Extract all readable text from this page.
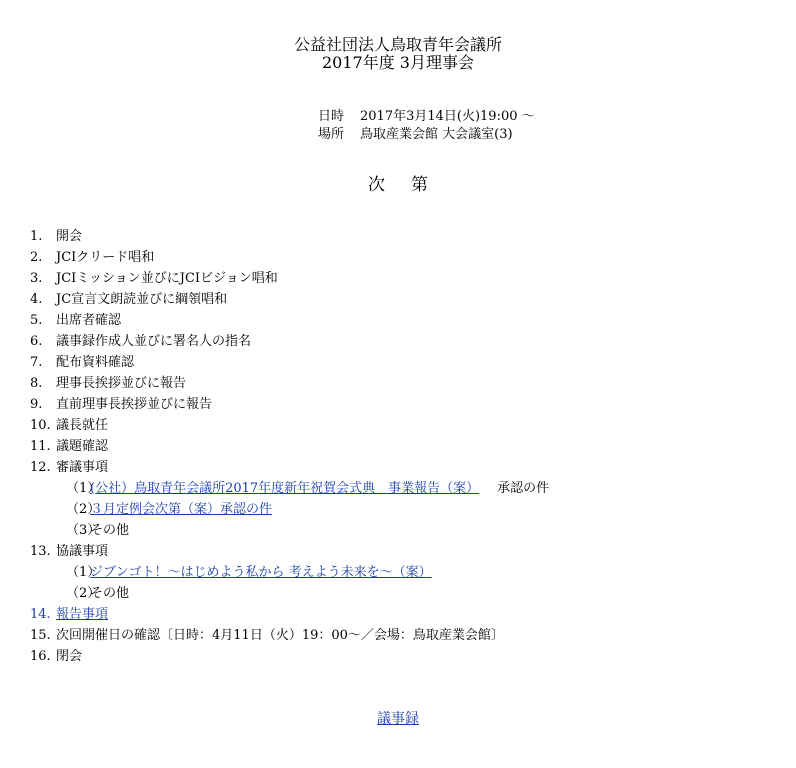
公益社団法人鳥取青年会議所
2017年度 3月理事会
日時 2017年3月14日(火)19:00 ～
場所 鳥取産業会館 大会議室(3)
次第
1. 開会
2. JCIクリード唱和
3. JCIミッション並びにJCIビジョン唱和
4. JC宣言文朗読並びに綱領唱和
5. 出席者確認
6. 議事録作成人並びに署名人の指名
7. 配布資料確認
8. 理事長挨拶並びに報告
9. 直前理事長挨拶並びに報告
10. 議長就任
11. 議題確認
12. 審議事項
（1）(公社）鳥取青年会議所2017年度新年祝賀会式典　事業報告（案） 承認の件
（2）３月定例会次第（案）承認の件
（3）その他
13. 協議事項
（1）ジブンゴト！～はじめよう私から 考えよう未来を～（案）
（2）その他
14. 報告事項
15. 次回開催日の確認〔日時：4月11日（火）19：00～／会場：鳥取産業会館〕
16. 閉会
議事録
